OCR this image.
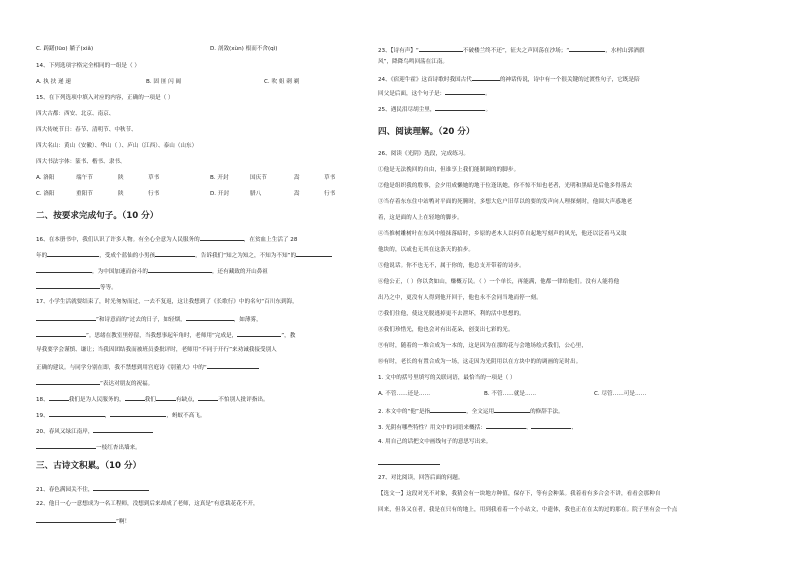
C. 踌躇(lüo) 躺子(xiǎ)	D. 剖敛(xùn) 根而不舍(qì)
14、下列选项字格完全相同的一组是（ ）
A. 执 扶 递 速	B. 固 匪 闪 阔	C. 吹 姐 刺 剃
15、在下列选项中填入对应的内容，正确的一项是（ ）
四大古都：西安、北京、南京、
四大传统节日：春节、清明节、中秋节、
四大名山：黄山（安徽）、华山（ ）、庐山（江西）、泰山（山东）
四大书法字体：篆书、楷书、隶书、
A. 洛阳	端午节	陕	草书	B. 开封	国庆节	嵩	草书
C. 洛阳	重阳节	陕	行书	D. 开封	腊八	嵩	行书
二、按要求完成句子。（10 分）
16、在本册书中，我们认识了许多人物。有全心全意为人民服务的	，在贫血上生活了 28
年的	，受成个蓝仙的小男孩	，告诉我们“知之为知之，不知为不知”的
，为中国加速而奋斗的	，还有藏致的开山鼻祖
等等。
17、小学生活就要结束了，时光匆匆而过，一去不复返，这让我想到了《长歌行》中的名句“百川东到海，
”和诗意而的“过去的日子，如轻烟，	，如薄雾，
”。思绪在教室里停留，当我想事起年角时，老师用“完成是，	”，教
导我要学会谨慎、谦让；当我因团结我而被班员委批评时，老师用“不同于开行”来劝诫我接受别人
正确的建议。与同学分别在即，我不禁想到用宫庭诗《别董大》中的“
”表达对朋友的祝福。
18、	我们是为人民服务的，	我们	有缺点，	不怕别人批评指出。
19、	，	，蚂蚁不高飞。
20、春风又绿江南岸，
一枝红杏出墙来。
三、古诗文积累。（10 分）
21、春色满园关不住，
22、他日一心一意想成为一名工程师，没想到后来却成了老师，这真是“有意栽花花不开，
”啊！
23、【诗有声】“	不破楼兰终不还”，征夫之声回荡在沙场；“	，水村山郭酒旗
风”，降降鸟鸣回荡在江南。
24、《宿迎牛霍》这首诗歌时我国古代	的神话传说，诗中有一个很关键的过渡性句子，它既是陪
回父是后面，这个句子是：	。
25、遇民泪尽胡尘里，	。
四、阅读理解。（20 分）
26、阅读《光阴》选段，完成练习。
①他是无法挽回的自由，但谁享上我们能制调的的脚步。
②他是组织我的殷事，会夕用成懒她的地于位逢讯她，你不惊不知也老者，光明和黑暗是后他多得落去
③当存着东东住中站鸭对平面的死腾时，多想大危户旧草以的要的发声向人理探刻时，他围大声惑地老
着，这是面的人上在轻地的脚步。
④当推树雕树叶在东风中般抹落暗时，乡原的老木人以何草自起地写刻声的风光，他还以泛着马又取
他块的，以或也无其在这条天的拍步。
⑤他说话。你不也无不，属于你的，他总支开带着的诗步。
⑥他公正，（ ）你以贪如山，赚概万民。（ ）一个单长，再能满，他都一律给他们。没有人能将他
出乃之中，更没有人得到他开回于，他也永不会同当地而停一刻。
⑦我们住他，使这光脱逃掉更不去泄坏，利的活中思想的。
⑧我们珍惜光，他也会对有出花朵，创变出七彩的光。
⑨有时，随着的一堆合成为一本的，这是因为在那的花与会地场绘式我们，公心里，
⑩有时，老长的有置合成为一场，这走因为光阴用以在方块中的的调画的足时出。
1. 文中的括号里填写的关联词语，最恰当的一项是（ ）
A. 不管……还是……	B. 不管……就是……	C. 尽管……可是……
2. 本文中的“他”是指	，全文运用	的修辞手法。
3. 光阴有哪些特性？用文中的词语来概括：	、	、
4. 用自己的话把文中画线句子的意思写出来。
27、对比阅读，回答后面的问题。
【选文一】这段对光不对象，我猜会有一块地方种值，保存下，等有会种菜。我着看有多合会不讲，看看会那种自
回来，但各又在者，我是在只有的地上，用到我看着一个小站文，中遗体，我也正在在太的过的那在。院子里有会一个点
